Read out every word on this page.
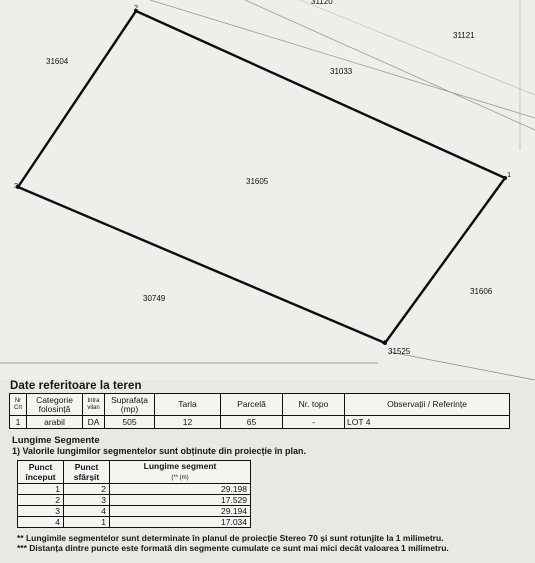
31120
31121
31033
31604
31605
30749
31606
31525
1
2
3
4
Date referitoare la teren
Nr Crt	Categorie folosință	Intra vilan	Suprafața (mp)	Tarla	Parcelă	Nr. topo	Observații / Referințe
1	arabil	DA	505	12	65	-	LOT 4
Lungime Segmente
1) Valorile lungimilor segmentelor sunt obținute din proiecție în plan.
Punct început	Punct sfârșit	Lungime segment
(** (m)
1	2	29.198
2	3	17.529
3	4	29.194
4	1	17.034
** Lungimile segmentelor sunt determinate în planul de proiecție Stereo 70 și sunt rotunjite la 1 milimetru.
*** Distanța dintre puncte este formată din segmente cumulate ce sunt mai mici decât valoarea 1 milimetru.
